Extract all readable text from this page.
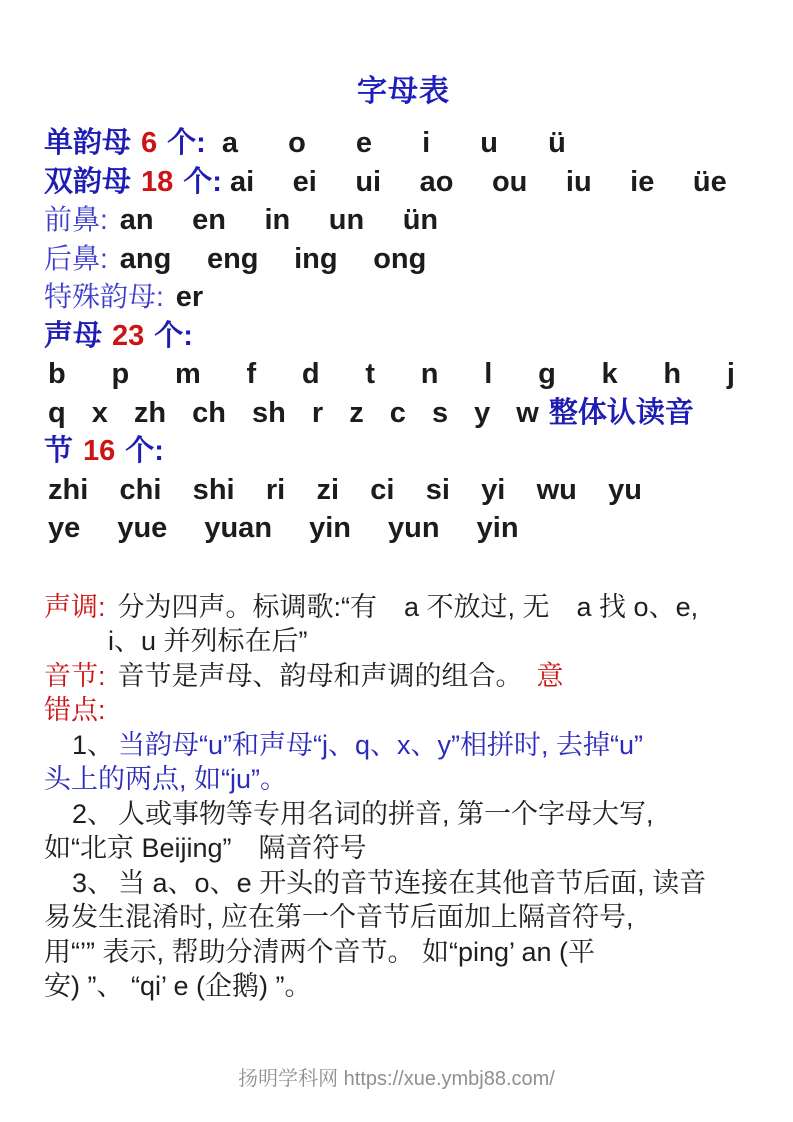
字母表
单韵母 6 个: a o e i u ü
双韵母 18 个: ai ei ui ao ou iu ie üe
前鼻: an en in un ün
后鼻: ang eng ing ong
特殊韵母: er
声母 23 个:
b p m f d t n l g k h j
q x zh ch sh r z c s y w 整体认读音
节 16 个:
zhi chi shi ri zi ci si yi wu yu
ye yue yuan yin yun yin
声调: 分为四声。标调歌:“有　a 不放过, 无　a 找 o、e,
i、u 并列标在后”
音节: 音节是声母、韵母和声调的组合。 意
错点:
1、 当韵母“u”和声母“j、q、x、y”相拼时, 去掉“u”
头上的两点, 如“ju”。
2、 人或事物等专用名词的拼音, 第一个字母大写,
如“北京 Beijing”　隔音符号
3、 当 a、o、e 开头的音节连接在其他音节后面, 读音
易发生混淆时, 应在第一个音节后面加上隔音符号,
用“’” 表示, 帮助分清两个音节。 如“ping’ an (平
安) ”、 “qi’ e (企鹅) ”。
扬明学科网 https://xue.ymbj88.com/
